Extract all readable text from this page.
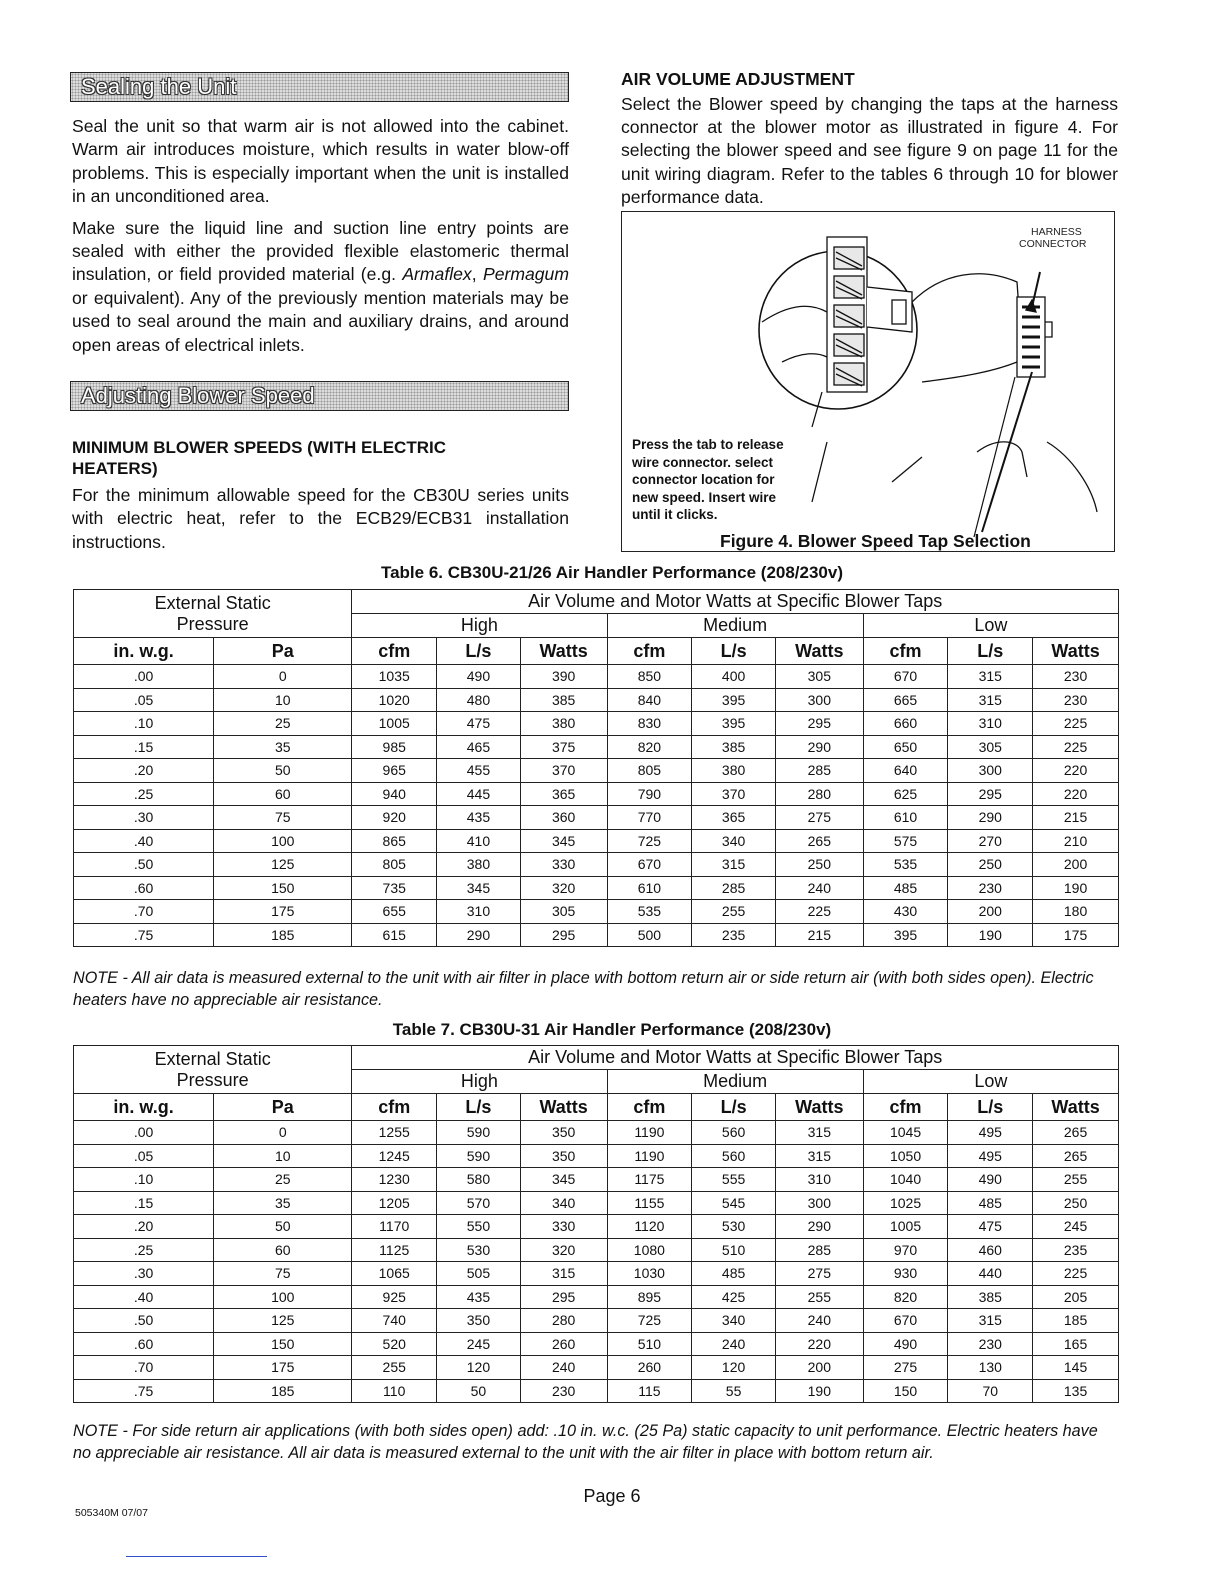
Sealing the Unit

Seal the unit so that warm air is not allowed into the cabinet. Warm air introduces moisture, which results in water blow-off problems. This is especially important when the unit is installed in an unconditioned area.

Make sure the liquid line and suction line entry points are sealed with either the provided flexible elastomeric thermal insulation, or field provided material (e.g. Armaflex, Permagum or equivalent). Any of the previously mention materials may be used to seal around the main and auxiliary drains, and around open areas of electrical inlets.

Adjusting Blower Speed

MINIMUM BLOWER SPEEDS (WITH ELECTRIC HEATERS)

For the minimum allowable speed for the CB30U series units with electric heat, refer to the ECB29/ECB31 installation instructions.

AIR VOLUME ADJUSTMENT

Select the Blower speed by changing the taps at the harness connector at the blower motor as illustrated in figure 4. For selecting the blower speed and see figure 9 on page 11 for the unit wiring diagram. Refer to the tables 6 through 10 for blower performance data.

HARNESS
CONNECTOR
Press the tab to release
wire connector. select
connector location for
new speed. Insert wire
until it clicks.
Figure 4. Blower Speed Tap Selection
Table 6. CB30U-21/26 Air Handler Performance (208/230v)
External Static
Pressure		Air Volume and Motor Watts at Specific Blower Taps								
		High			Medium			Low		
in. w.g.	Pa	cfm	L/s	Watts	cfm	L/s	Watts	cfm	L/s	Watts
.00	0	1035	490	390	850	400	305	670	315	230
.05	10	1020	480	385	840	395	300	665	315	230
.10	25	1005	475	380	830	395	295	660	310	225
.15	35	985	465	375	820	385	290	650	305	225
.20	50	965	455	370	805	380	285	640	300	220
.25	60	940	445	365	790	370	280	625	295	220
.30	75	920	435	360	770	365	275	610	290	215
.40	100	865	410	345	725	340	265	575	270	210
.50	125	805	380	330	670	315	250	535	250	200
.60	150	735	345	320	610	285	240	485	230	190
.70	175	655	310	305	535	255	225	430	200	180
.75	185	615	290	295	500	235	215	395	190	175
NOTE - All air data is measured external to the unit with air filter in place with bottom return air or side return air (with both sides open). Electric heaters have no appreciable air resistance.
Table 7. CB30U-31 Air Handler Performance (208/230v)
External Static
Pressure		Air Volume and Motor Watts at Specific Blower Taps								
		High			Medium			Low		
in. w.g.	Pa	cfm	L/s	Watts	cfm	L/s	Watts	cfm	L/s	Watts
.00	0	1255	590	350	1190	560	315	1045	495	265
.05	10	1245	590	350	1190	560	315	1050	495	265
.10	25	1230	580	345	1175	555	310	1040	490	255
.15	35	1205	570	340	1155	545	300	1025	485	250
.20	50	1170	550	330	1120	530	290	1005	475	245
.25	60	1125	530	320	1080	510	285	970	460	235
.30	75	1065	505	315	1030	485	275	930	440	225
.40	100	925	435	295	895	425	255	820	385	205
.50	125	740	350	280	725	340	240	670	315	185
.60	150	520	245	260	510	240	220	490	230	165
.70	175	255	120	240	260	120	200	275	130	145
.75	185	110	50	230	115	55	190	150	70	135
NOTE - For side return air applications (with both sides open) add: .10 in. w.c. (25 Pa) static capacity to unit performance. Electric heaters have no appreciable air resistance. All air data is measured external to the unit with the air filter in place with bottom return air.
Page 6
505340M 07/07
